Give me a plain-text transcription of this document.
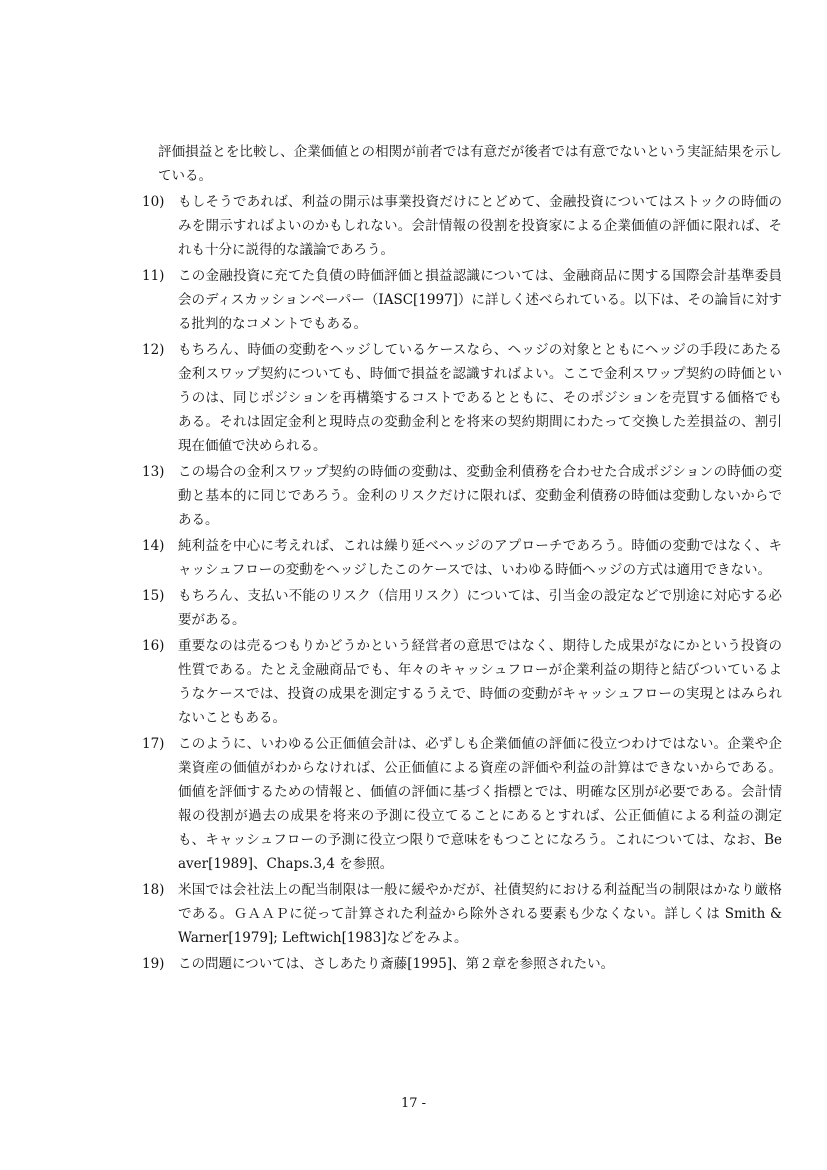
評価損益とを比較し、企業価値との相関が前者では有意だが後者では有意でないという実証結果を示している。
10)	もしそうであれば、利益の開示は事業投資だけにとどめて、金融投資についてはストックの時価のみを開示すればよいのかもしれない。会計情報の役割を投資家による企業価値の評価に限れば、それも十分に説得的な議論であろう。
11)	この金融投資に充てた負債の時価評価と損益認識については、金融商品に関する国際会計基準委員会のディスカッションペーパー（IASC[1997]）に詳しく述べられている。以下は、その論旨に対する批判的なコメントでもある。
12)	もちろん、時価の変動をヘッジしているケースなら、ヘッジの対象とともにヘッジの手段にあたる金利スワップ契約についても、時価で損益を認識すればよい。ここで金利スワップ契約の時価というのは、同じポジションを再構築するコストであるとともに、そのポジションを売買する価格でもある。それは固定金利と現時点の変動金利とを将来の契約期間にわたって交換した差損益の、割引現在価値で決められる。
13)	この場合の金利スワップ契約の時価の変動は、変動金利債務を合わせた合成ポジションの時価の変動と基本的に同じであろう。金利のリスクだけに限れば、変動金利債務の時価は変動しないからである。
14)	純利益を中心に考えれば、これは繰り延べヘッジのアプローチであろう。時価の変動ではなく、キャッシュフローの変動をヘッジしたこのケースでは、いわゆる時価ヘッジの方式は適用できない。
15)	もちろん、支払い不能のリスク（信用リスク）については、引当金の設定などで別途に対応する必要がある。
16)	重要なのは売るつもりかどうかという経営者の意思ではなく、期待した成果がなにかという投資の性質である。たとえ金融商品でも、年々のキャッシュフローが企業利益の期待と結びついているようなケースでは、投資の成果を測定するうえで、時価の変動がキャッシュフローの実現とはみられないこともある。
17)	このように、いわゆる公正価値会計は、必ずしも企業価値の評価に役立つわけではない。企業や企業資産の価値がわからなければ、公正価値による資産の評価や利益の計算はできないからである。価値を評価するための情報と、価値の評価に基づく指標とでは、明確な区別が必要である。会計情報の役割が過去の成果を将来の予測に役立てることにあるとすれば、公正価値による利益の測定も、キャッシュフローの予測に役立つ限りで意味をもつことになろう。これについては、なお、Beaver[1989]、Chaps.3,4 を参照。
18)	米国では会社法上の配当制限は一般に緩やかだが、社債契約における利益配当の制限はかなり厳格である。ＧＡＡＰに従って計算された利益から除外される要素も少なくない。詳しくは Smith & Warner[1979]; Leftwich[1983]などをみよ。
19)	この問題については、さしあたり斎藤[1995]、第２章を参照されたい。
17 -
